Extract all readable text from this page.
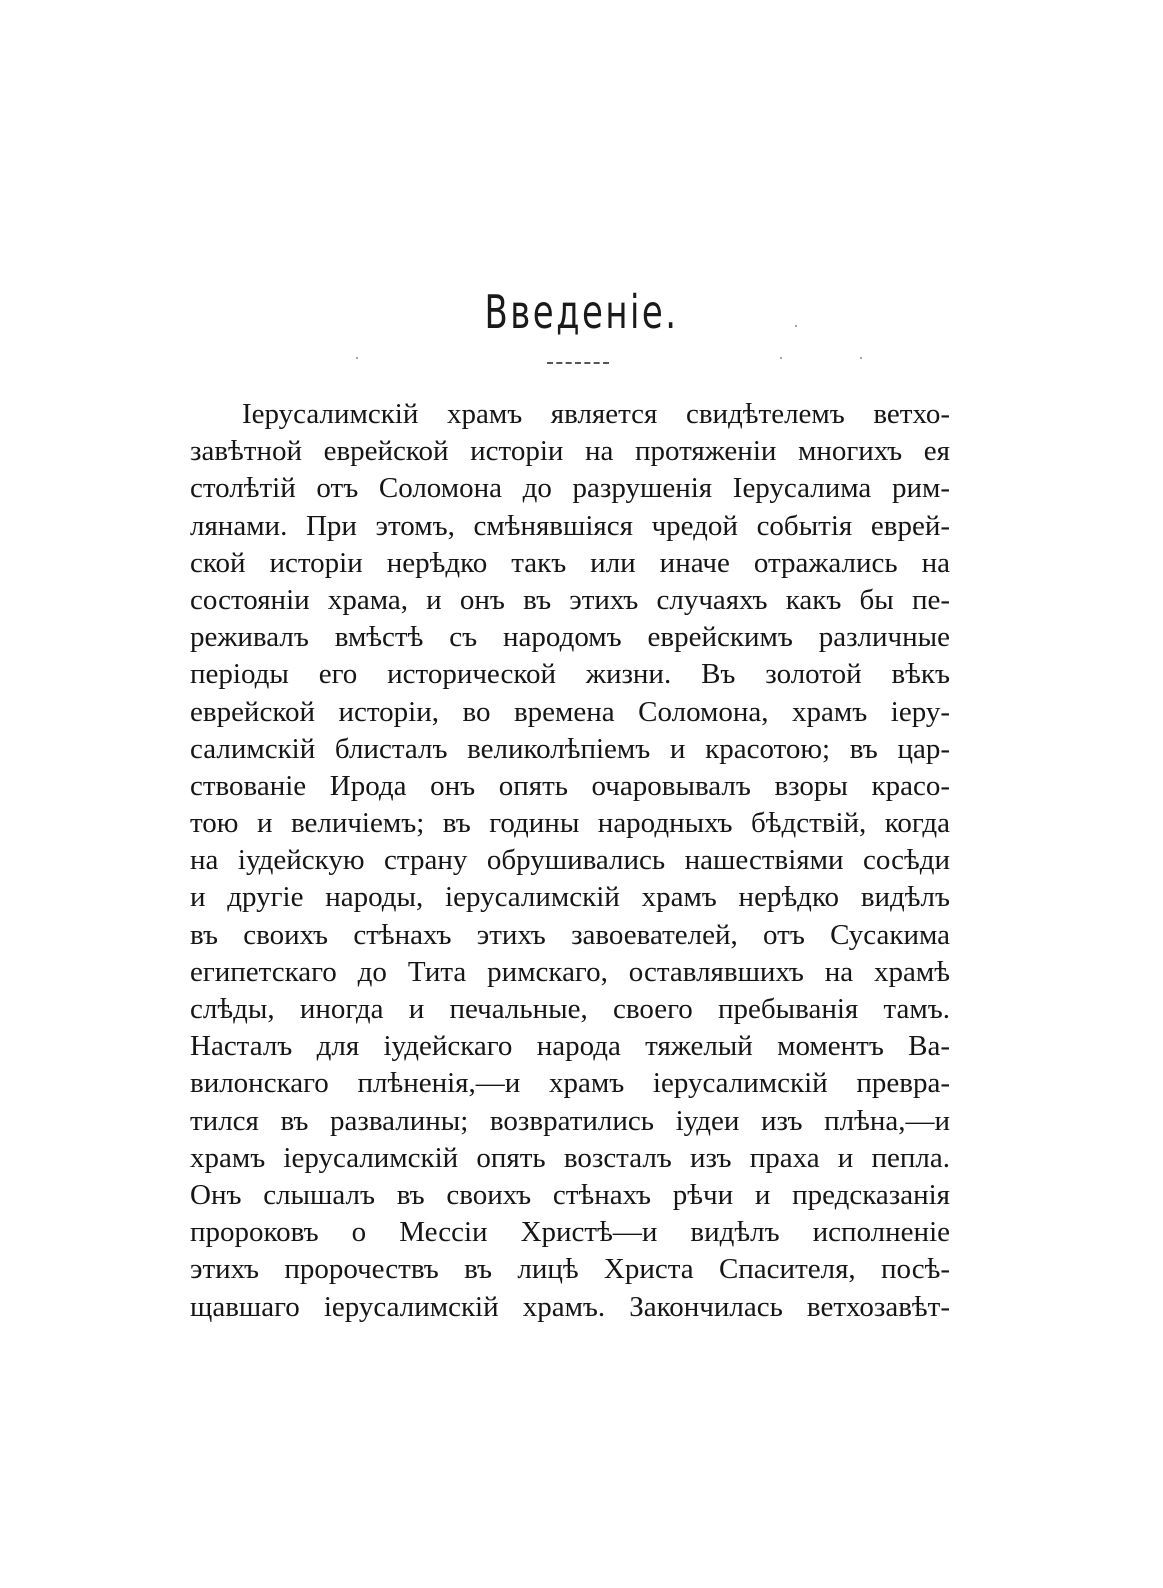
Введеніе.
Іерусалимскій храмъ является свидѣтелемъ ветхо-
завѣтной еврейской исторіи на протяженіи многихъ ея
столѣтій отъ Соломона до разрушенія Іерусалима рим-
лянами. При этомъ, смѣнявшіяся чредой событія еврей-
ской исторіи нерѣдко такъ или иначе отражались на
состояніи храма, и онъ въ этихъ случаяхъ какъ бы пе-
реживалъ вмѣстѣ съ народомъ еврейскимъ различные
періоды его исторической жизни. Въ золотой вѣкъ
еврейской исторіи, во времена Соломона, храмъ іеру-
салимскій блисталъ великолѣпіемъ и красотою; въ цар-
ствованіе Ирода онъ опять очаровывалъ взоры красо-
тою и величіемъ; въ годины народныхъ бѣдствій, когда
на іудейскую страну обрушивались нашествіями сосѣди
и другіе народы, іерусалимскій храмъ нерѣдко видѣлъ
въ своихъ стѣнахъ этихъ завоевателей, отъ Сусакима
египетскаго до Тита римскаго, оставлявшихъ на храмѣ
слѣды, иногда и печальные, своего пребыванія тамъ.
Насталъ для іудейскаго народа тяжелый моментъ Ва-
вилонскаго плѣненія,—и храмъ іерусалимскій превра-
тился въ развалины; возвратились іудеи изъ плѣна,—и
храмъ іерусалимскій опять возсталъ изъ праха и пепла.
Онъ слышалъ въ своихъ стѣнахъ рѣчи и предсказанія
пророковъ о Мессіи Христѣ—и видѣлъ исполненіе
этихъ пророчествъ въ лицѣ Христа Спасителя, посѣ-
щавшаго іерусалимскій храмъ. Закончилась ветхозавѣт-
